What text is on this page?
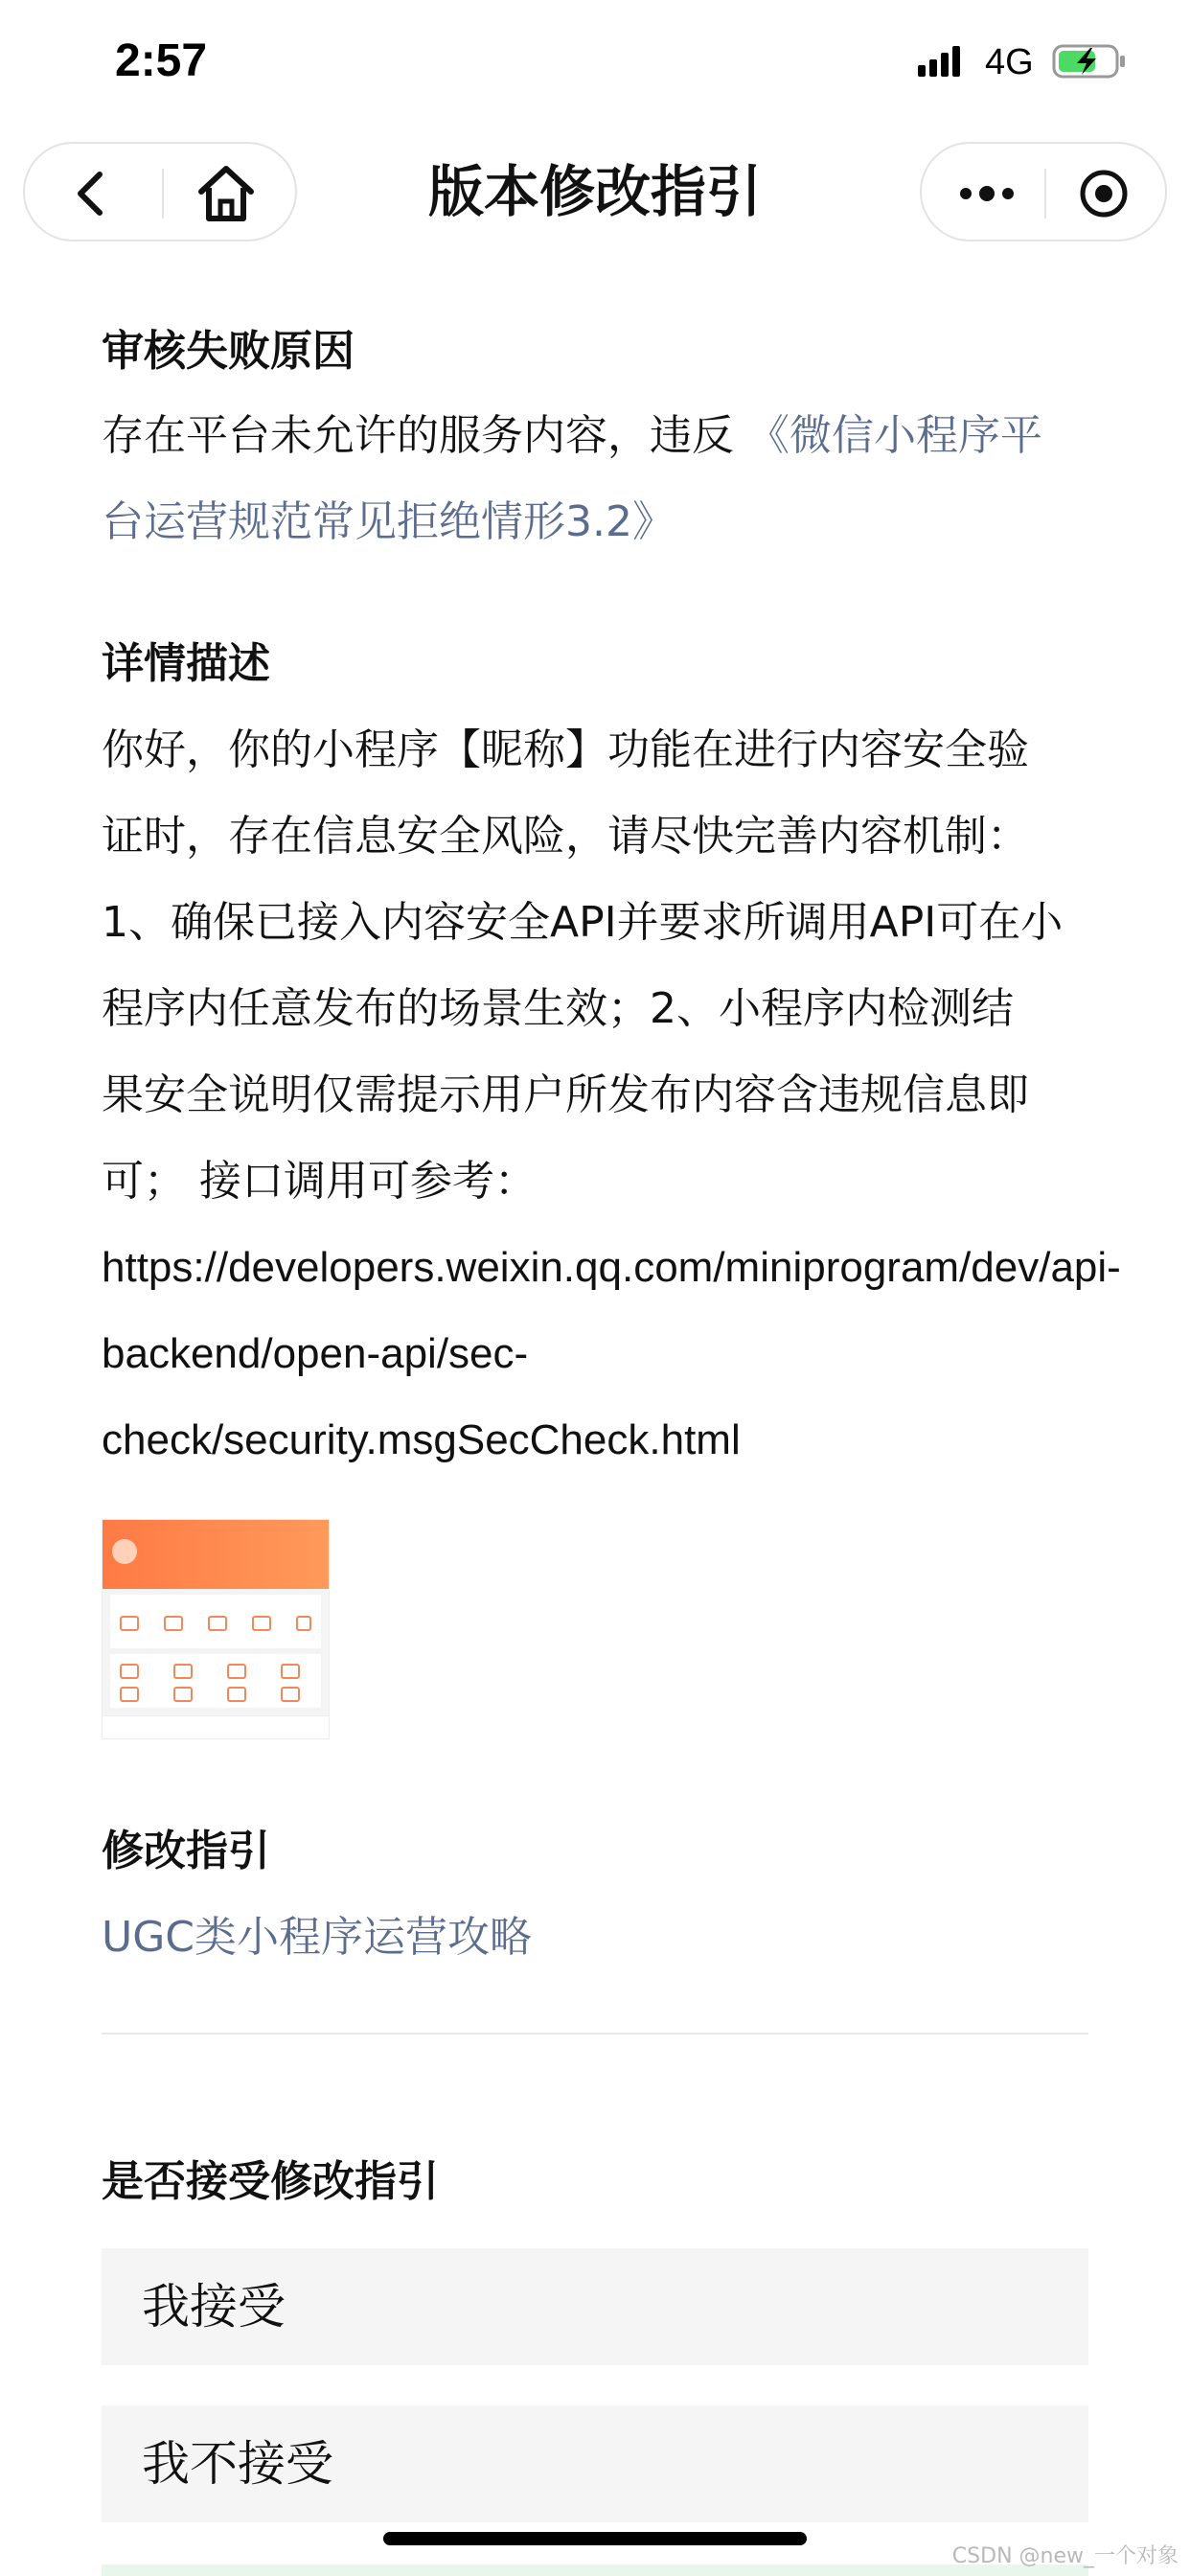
2:57	4G
版本修改指引
审核失败原因
存在平台未允许的服务内容，违反 《微信小程序平
台运营规范常见拒绝情形3.2》
详情描述
你好，你的小程序【昵称】功能在进行内容安全验
证时，存在信息安全风险，请尽快完善内容机制：
1、确保已接入内容安全API并要求所调用API可在小
程序内任意发布的场景生效；2、小程序内检测结
果安全说明仅需提示用户所发布内容含违规信息即
可； 接口调用可参考：
https://developers.weixin.qq.com/miniprogram/dev/api-
backend/open-api/sec-
check/security.msgSecCheck.html
修改指引
UGC类小程序运营攻略
是否接受修改指引
我接受
我不接受
CSDN @new_一个对象
